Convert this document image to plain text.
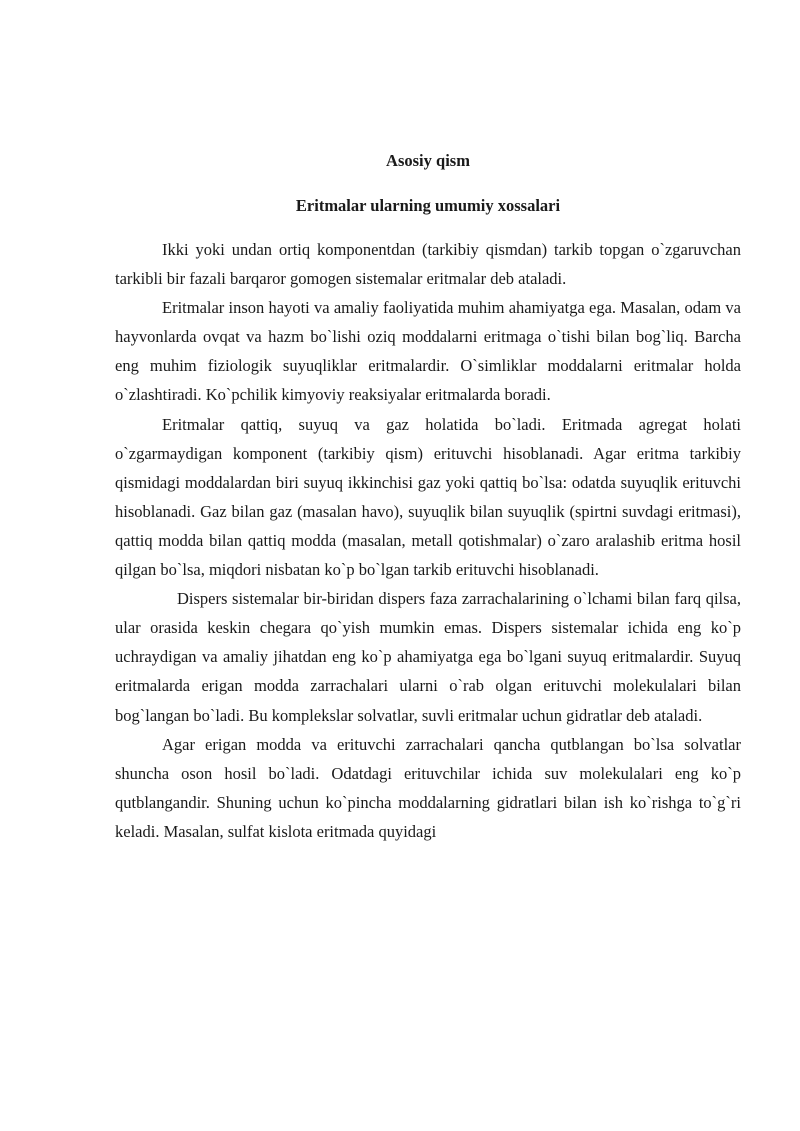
Asosiy qism
Eritmalar ularning umumiy xossalari

Ikki yoki undan ortiq komponentdan (tarkibiy qismdan) tarkib topgan o`zgaruvchan tarkibli bir fazali barqaror gomogen sistemalar eritmalar deb ataladi.

Eritmalar inson hayoti va amaliy faoliyatida muhim ahamiyatga ega. Masalan, odam va hayvonlarda ovqat va hazm bo`lishi oziq moddalarni eritmaga o`tishi bilan bog`liq. Barcha eng muhim fiziologik suyuqliklar eritmalardir. O`simliklar moddalarni eritmalar holda o`zlashtiradi. Ko`pchilik kimyoviy reaksiyalar eritmalarda boradi.

Eritmalar qattiq, suyuq va gaz holatida bo`ladi. Eritmada agregat holati o`zgarmaydigan komponent (tarkibiy qism) erituvchi hisoblanadi. Agar eritma tarkibiy qismidagi moddalardan biri suyuq ikkinchisi gaz yoki qattiq bo`lsa: odatda suyuqlik erituvchi hisoblanadi. Gaz bilan gaz (masalan havo), suyuqlik bilan suyuqlik (spirtni suvdagi eritmasi), qattiq modda bilan qattiq modda (masalan, metall qotishmalar) o`zaro aralashib eritma hosil qilgan bo`lsa, miqdori nisbatan ko`p bo`lgan tarkib erituvchi hisoblanadi.

Dispers sistemalar bir-biridan dispers faza zarrachalarining o`lchami bilan farq qilsa, ular orasida keskin chegara qo`yish mumkin emas. Dispers sistemalar ichida eng ko`p uchraydigan va amaliy jihatdan eng ko`p ahamiyatga ega bo`lgani suyuq eritmalardir. Suyuq eritmalarda erigan modda zarrachalari ularni o`rab olgan erituvchi molekulalari bilan bog`langan bo`ladi. Bu komplekslar solvatlar, suvli eritmalar uchun gidratlar deb ataladi.

Agar erigan modda va erituvchi zarrachalari qancha qutblangan bo`lsa solvatlar shuncha oson hosil bo`ladi. Odatdagi erituvchilar ichida suv molekulalari eng ko`p qutblangandir. Shuning uchun ko`pincha moddalarning gidratlari bilan ish ko`rishga to`g`ri keladi. Masalan, sulfat kislota eritmada quyidagi
